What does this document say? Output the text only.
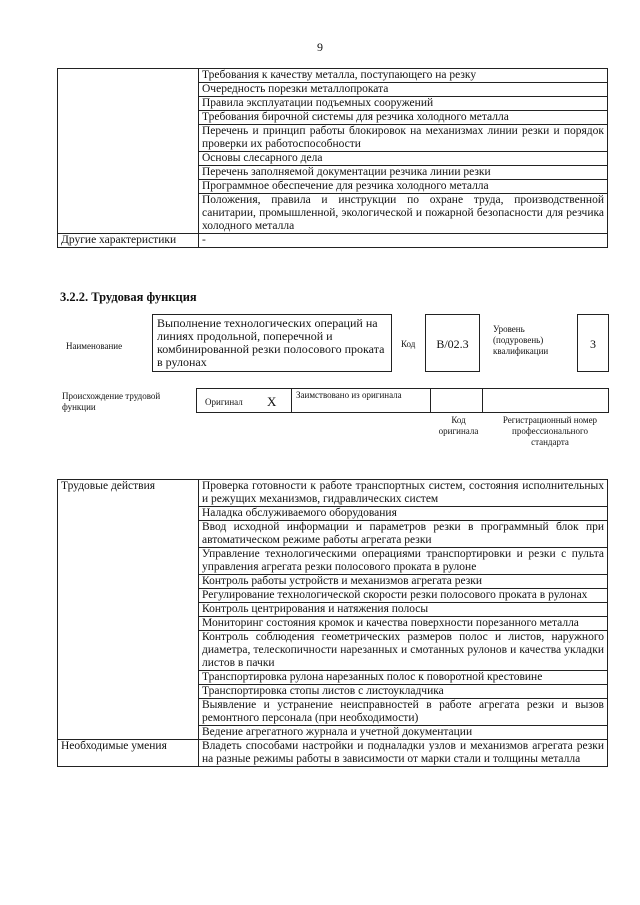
9
	Требования к качеству металла, поступающего на резку
	Очередность порезки металлопроката
	Правила эксплуатации подъемных сооружений
	Требования бирочной системы для резчика холодного металла
	Перечень и принцип работы блокировок на механизмах линии резки и порядок проверки их работоспособности
	Основы слесарного дела
	Перечень заполняемой документации резчика линии резки
	Программное обеспечение для резчика холодного металла
	Положения, правила и инструкции по охране труда, производственной санитарии, промышленной, экологической и пожарной безопасности для резчика холодного металла
Другие характеристики	-
3.2.2. Трудовая функция
Наименование
Выполнение технологических операций на линиях продольной, поперечной и комбинированной резки полосового проката в рулонах
Код	B/02.3
Уровень (подуровень) квалификации	3
Происхождение трудовой функции	Оригинал X Заимствовано из оригинала
Код оригинала
Регистрационный номер профессионального стандарта
Трудовые действия	Проверка готовности к работе транспортных систем, состояния исполнительных и режущих механизмов, гидравлических систем
	Наладка обслуживаемого оборудования
	Ввод исходной информации и параметров резки в программный блок при автоматическом режиме работы агрегата резки
	Управление технологическими операциями транспортировки и резки с пульта управления агрегата резки полосового проката в рулоне
	Контроль работы устройств и механизмов агрегата резки
	Регулирование технологической скорости резки полосового проката в рулонах
	Контроль центрирования и натяжения полосы
	Мониторинг состояния кромок и качества поверхности порезанного металла
	Контроль соблюдения геометрических размеров полос и листов, наружного диаметра, телескопичности нарезанных и смотанных рулонов и качества укладки листов в пачки
	Транспортировка рулона нарезанных полос к поворотной крестовине
	Транспортировка стопы листов с листоукладчика
	Выявление и устранение неисправностей в работе агрегата резки и вызов ремонтного персонала (при необходимости)
	Ведение агрегатного журнала и учетной документации
Необходимые умения	Владеть способами настройки и подналадки узлов и механизмов агрегата резки на разные режимы работы в зависимости от марки стали и толщины металла
